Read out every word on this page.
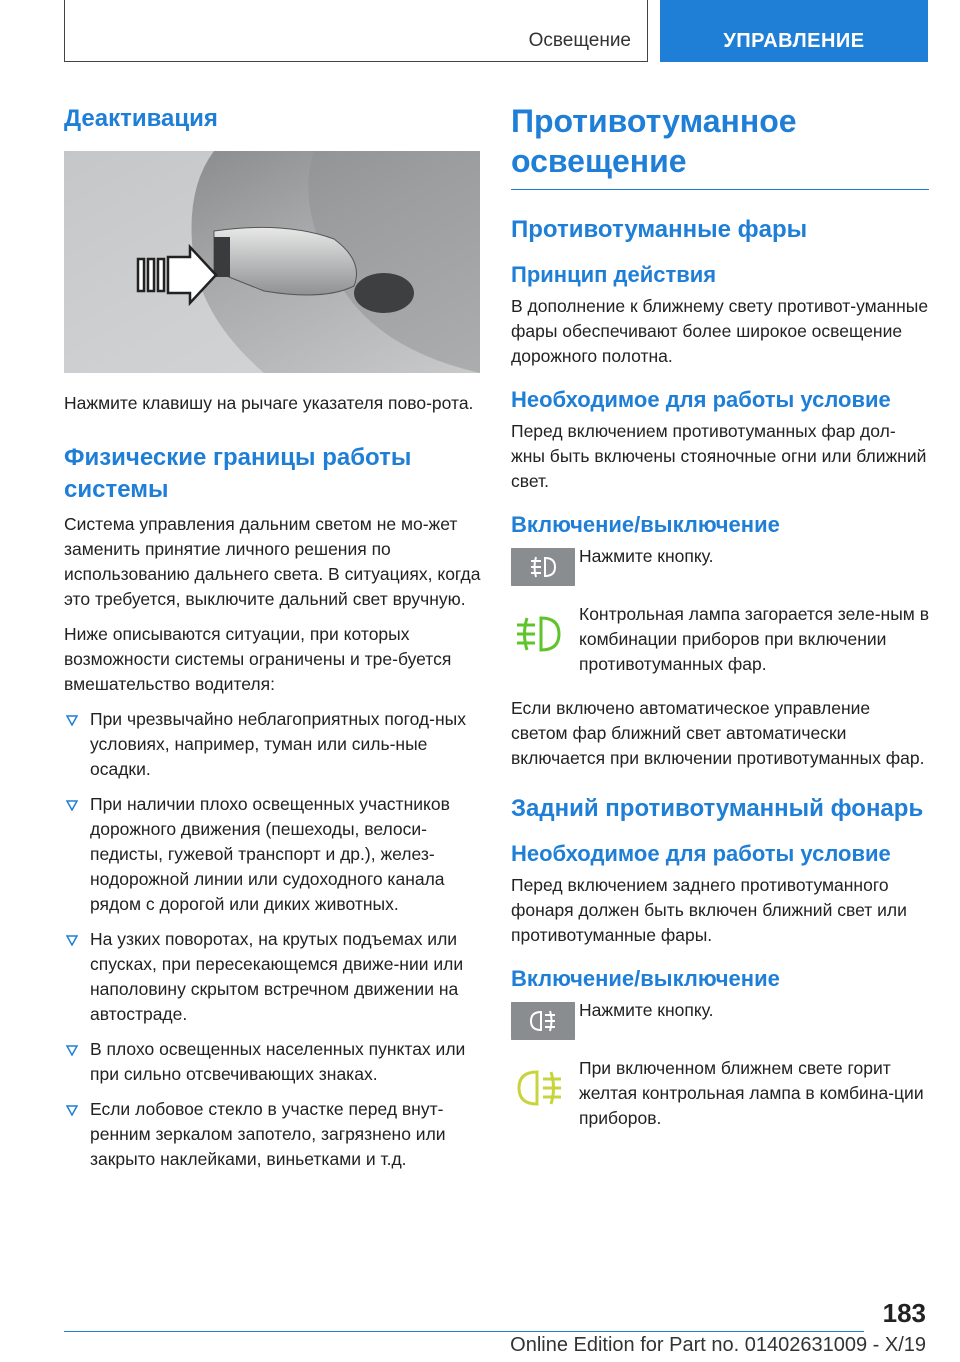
Освещение	УПРАВЛЕНИЕ
Деактивация

Нажмите клавишу на рычаге указателя пово-рота.

Физические границы работы системы

Система управления дальним светом не мо-жет заменить принятие личного решения по использованию дальнего света. В ситуациях, когда это требуется, выключите дальний свет вручную.

Ниже описываются ситуации, при которых возможности системы ограничены и тре-буется вмешательство водителя:

При чрезвычайно неблагоприятных погод-ных условиях, например, туман или силь-ные осадки.
При наличии плохо освещенных участников дорожного движения (пешеходы, велоси-педисты, гужевой транспорт и др.), желез-нодорожной линии или судоходного канала рядом с дорогой или диких животных.
На узких поворотах, на крутых подъемах или спусках, при пересекающемся движе-нии или наполовину скрытом встречном движении на автостраде.
В плохо освещенных населенных пунктах или при сильно отсвечивающих знаках.
Если лобовое стекло в участке перед внут-ренним зеркалом запотело, загрязнено или закрыто наклейками, виньетками и т.д.
Противотуманное освещение
Противотуманные фары
Принцип действия

В дополнение к ближнему свету противот-уманные фары обеспечивают более широкое освещение дорожного полотна.

Необходимое для работы условие

Перед включением противотуманных фар дол-жны быть включены стояночные огни или ближний свет.

Включение/выключение
Нажмите кнопку.
Контрольная лампа загорается зеле-ным в комбинации приборов при включении противотуманных фар.

Если включено автоматическое управление светом фар ближний свет автоматически включается при включении противотуманных фар.

Задний противотуманный фонарь
Необходимое для работы условие

Перед включением заднего противотуманного фонаря должен быть включен ближний свет или противотуманные фары.

Включение/выключение
Нажмите кнопку.
При включенном ближнем свете горит желтая контрольная лампа в комбина-ции приборов.
183
Online Edition for Part no. 01402631009 - X/19
